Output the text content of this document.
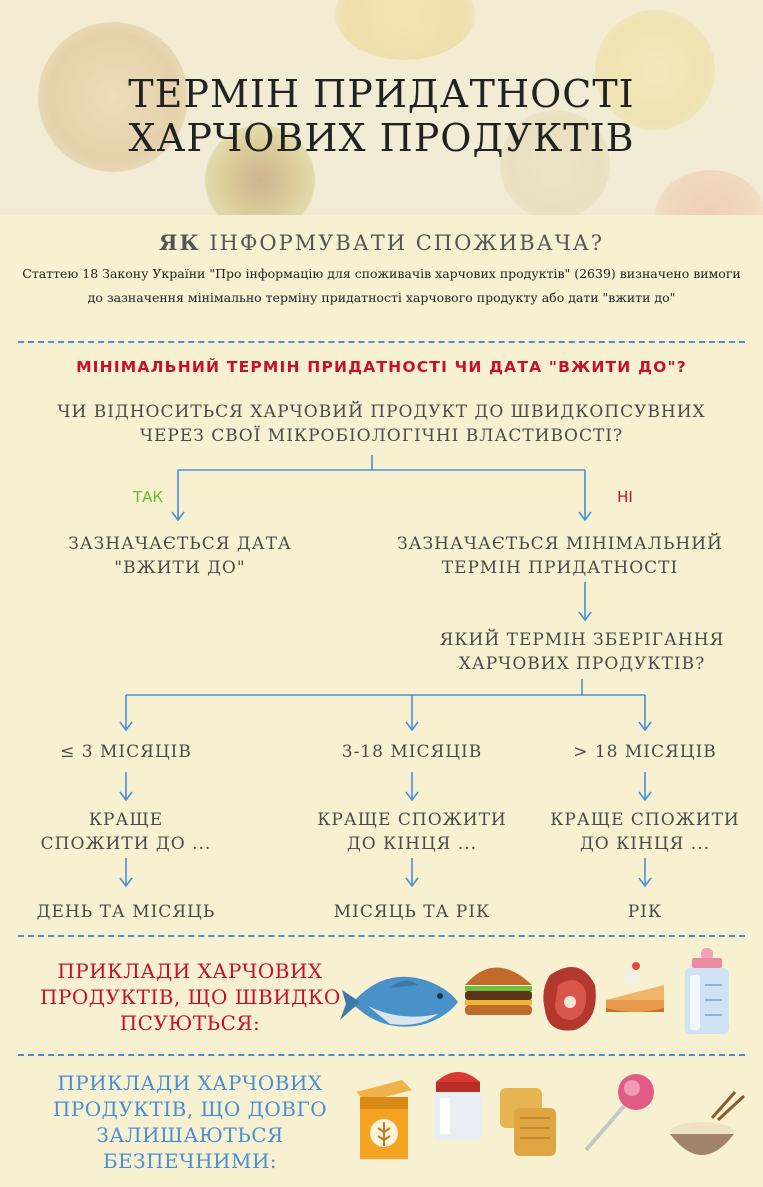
ТЕРМІН ПРИДАТНОСТІ
ХАРЧОВИХ ПРОДУКТІВ
ЯК ІНФОРМУВАТИ СПОЖИВАЧА?
Статтею 18 Закону України "Про інформацію для споживачів харчових продуктів" (2639) визначено вимоги до зазначення мінімально терміну придатності харчового продукту або дати "вжити до"
МІНІМАЛЬНИЙ ТЕРМІН ПРИДАТНОСТІ ЧИ ДАТА "ВЖИТИ ДО"?
ЧИ ВІДНОСИТЬСЯ ХАРЧОВИЙ ПРОДУКТ ДО ШВИДКОПСУВНИХ
ЧЕРЕЗ СВОЇ МІКРОБІОЛОГІЧНІ ВЛАСТИВОСТІ?
ТАК	НІ
ЗАЗНАЧАЄТЬСЯ ДАТА
"ВЖИТИ ДО"
ЗАЗНАЧАЄТЬСЯ МІНІМАЛЬНИЙ
ТЕРМІН ПРИДАТНОСТІ
ЯКИЙ ТЕРМІН ЗБЕРІГАННЯ
ХАРЧОВИХ ПРОДУКТІВ?
≤ 3 МІСЯЦІВ	3-18 МІСЯЦІВ	> 18 МІСЯЦІВ
КРАЩЕ
СПОЖИТИ ДО ...
КРАЩЕ СПОЖИТИ
ДО КІНЦЯ ...
КРАЩЕ СПОЖИТИ
ДО КІНЦЯ ...
ДЕНЬ ТА МІСЯЦЬ	МІСЯЦЬ ТА РІК	РІК
ПРИКЛАДИ ХАРЧОВИХ
ПРОДУКТІВ, ЩО ШВИДКО
ПСУЮТЬСЯ:
ПРИКЛАДИ ХАРЧОВИХ
ПРОДУКТІВ, ЩО ДОВГО
ЗАЛИШАЮТЬСЯ
БЕЗПЕЧНИМИ:
